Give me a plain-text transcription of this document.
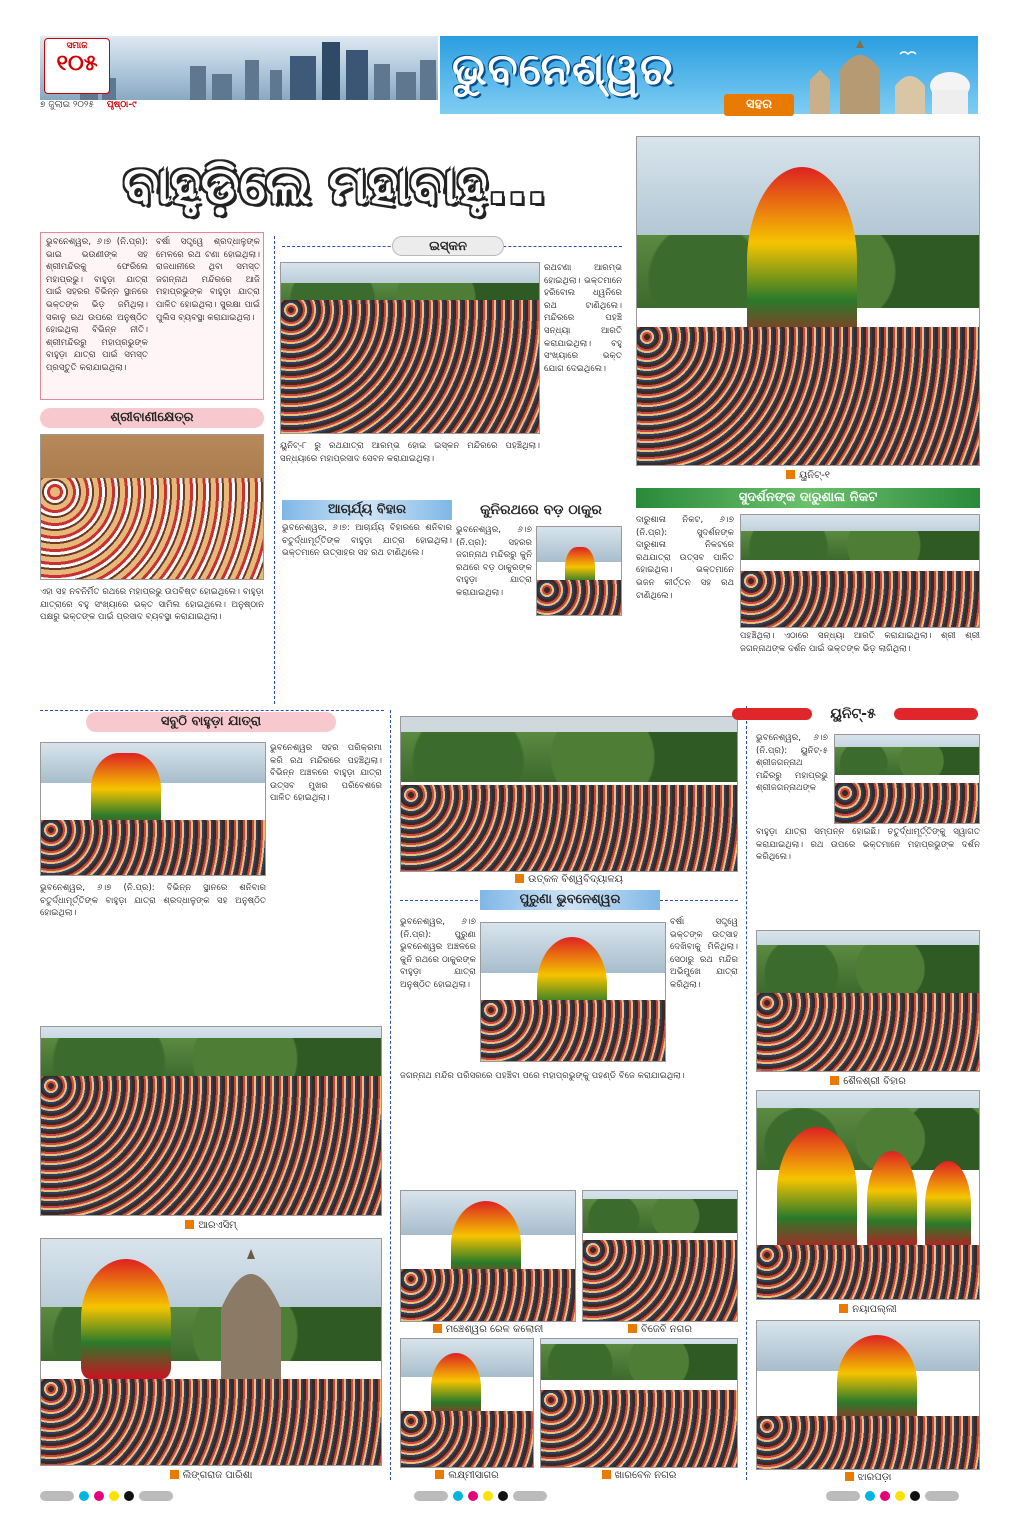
ସମାଜ
୧୦୫
୭ ଜୁଲାଇ ୨୦୨୫ ପୃଷ୍ଠା-୯
ଭୁବନେଶ୍ୱର
ସହର
ବାହୁଡ଼ିଲେ ମହାବାହୁ...
ଭୁବନେଶ୍ୱର, ୬।୭ (ନି.ପ୍ର): ଭାଇ ଭଉଣୀଙ୍କ ସହ ଶ୍ରୀମନ୍ଦିରକୁ ଫେରିଲେ ମହାପ୍ରଭୁ। ବାହୁଡ଼ା ଯାତ୍ରା ପାଇଁ ସହରର ବିଭିନ୍ନ ସ୍ଥାନରେ ଭକ୍ତଙ୍କ ଭିଡ଼ ଜମିଥିଲା। ସକାଳୁ ରଥ ଉପରେ ଅନୁଷ୍ଠିତ ହୋଇଥିଲା ବିଭିନ୍ନ ନୀତି। ଶ୍ରୀମନ୍ଦିରରୁ ମହାପ୍ରଭୁଙ୍କ ବାହୁଡ଼ା ଯାତ୍ରା ପାଇଁ ସମସ୍ତ ପ୍ରସ୍ତୁତି କରାଯାଇଥିଲା।
ବର୍ଷା ସତ୍ତ୍ୱେ ଶ୍ରଦ୍ଧାଳୁଙ୍କ ମେଳରେ ରଥ ଟଣା ହୋଇଥିଲା। ରାଜଧାନୀରେ ଥିବା ସମସ୍ତ ଜଗନ୍ନାଥ ମନ୍ଦିରରେ ଆଜି ମହାପ୍ରଭୁଙ୍କ ବାହୁଡ଼ା ଯାତ୍ରା ପାଳିତ ହୋଇଥିଲା। ସୁରକ୍ଷା ପାଇଁ ପୁଲିସ ବ୍ୟବସ୍ଥା କରାଯାଇଥିଲା।
ଶ୍ରୀବାଣୀକ୍ଷେତ୍ର
ଏହା ସହ ନବନିର୍ମିତ ରଥରେ ମହାପ୍ରଭୁ ଉପବିଷ୍ଟ ହୋଇଥିଲେ। ବାହୁଡ଼ା ଯାତ୍ରାରେ ବହୁ ସଂଖ୍ୟାରେ ଭକ୍ତ ସାମିଲ ହୋଇଥିଲେ। ଅନୁଷ୍ଠାନ ପକ୍ଷରୁ ଭକ୍ତଙ୍କ ପାଇଁ ପ୍ରସାଦ ବ୍ୟବସ୍ଥା କରାଯାଇଥିଲା।
ଇସ୍କନ
ରଥଟଣା ଆରମ୍ଭ ହୋଇଥିଲା। ଭକ୍ତମାନେ ହରିବୋଲ ଧ୍ୱନିରେ ରଥ ଟାଣିଥିଲେ। ମନ୍ଦିରରେ ପହଞ୍ଚି ସନ୍ଧ୍ୟା ଆରତି କରାଯାଇଥିଲା। ବହୁ ସଂଖ୍ୟାରେ ଭକ୍ତ ଯୋଗ ଦେଇଥିଲେ।
ୟୁନିଟ୍-୮ ରୁ ରଥଯାତ୍ରା ଆରମ୍ଭ ହୋଇ ଇସ୍କନ ମନ୍ଦିରରେ ପହଞ୍ଚିଥିଲା। ସନ୍ଧ୍ୟାରେ ମହାପ୍ରସାଦ ସେବନ କରାଯାଇଥିଲା।
ୟୁନିଟ୍-୧
ଆଚାର୍ଯ୍ୟ ବିହାର
ଭୁବନେଶ୍ୱର, ୬।୭: ଆଚାର୍ଯ୍ୟ ବିହାରରେ ଶନିବାର ଚତୁର୍ଦ୍ଧାମୂର୍ତ୍ତିଙ୍କ ବାହୁଡ଼ା ଯାତ୍ରା ହୋଇଥିଲା। ଭକ୍ତମାନେ ଉତ୍ସାହର ସହ ରଥ ଟାଣିଥିଲେ।
କୁନିରଥରେ ବଡ଼ ଠାକୁର
ଭୁବନେଶ୍ୱର, ୬।୭ (ନି.ପ୍ର): ସହରର ଜଗନ୍ନାଥ ମନ୍ଦିରରୁ କୁନି ରଥରେ ବଡ଼ ଠାକୁରଙ୍କ ବାହୁଡ଼ା ଯାତ୍ରା କରାଯାଇଥିଲା।
ସୁଦର୍ଶନଙ୍କ ଦାରୁଶାଳା ନିକଟ
ଦାରୁଶାଳା ନିକଟ, ୬।୭ (ନି.ପ୍ର): ସୁଦର୍ଶନଙ୍କ ଦାରୁଶାଳା ନିକଟରେ ରଥଯାତ୍ରା ଉତ୍ସବ ପାଳିତ ହୋଇଥିଲା। ଭକ୍ତମାନେ ଭଜନ କୀର୍ତ୍ତନ ସହ ରଥ ଟାଣିଥିଲେ।
ପହଞ୍ଚିଥିଲା। ଏଠାରେ ସନ୍ଧ୍ୟା ଆରତି କରାଯାଇଥିଲା। ଶ୍ରୀ ଶ୍ରୀ ଜଗନ୍ନାଥଙ୍କ ଦର୍ଶନ ପାଇଁ ଭକ୍ତଙ୍କ ଭିଡ଼ ଲାଗିଥିଲା।
ସବୁଠି ବାହୁଡ଼ା ଯାତ୍ରା
ଭୁବନେଶ୍ୱର ସହର ପରିକ୍ରମା କରି ରଥ ମନ୍ଦିରରେ ପହଞ୍ଚିଥିଲା। ବିଭିନ୍ନ ଅଞ୍ଚଳରେ ବାହୁଡ଼ା ଯାତ୍ରା ଉତ୍ସବ ମୁଖର ପରିବେଶରେ ପାଳିତ ହୋଇଥିଲା।
ଭୁବନେଶ୍ୱର, ୬।୭ (ନି.ପ୍ର): ବିଭିନ୍ନ ସ୍ଥାନରେ ଶନିବାର ଚତୁର୍ଦ୍ଧାମୂର୍ତ୍ତିଙ୍କ ବାହୁଡ଼ା ଯାତ୍ରା ଶ୍ରଦ୍ଧାଳୁଙ୍କ ସହ ଅନୁଷ୍ଠିତ ହୋଇଥିଲା।
ଉତ୍କଳ ବିଶ୍ୱବିଦ୍ୟାଳୟ
ପୁରୁଣା ଭୁବନେଶ୍ୱର
ଭୁବନେଶ୍ୱର, ୬।୭ (ନି.ପ୍ର): ପୁରୁଣା ଭୁବନେଶ୍ୱର ଅଞ୍ଚଳରେ କୁନି ରଥରେ ଠାକୁରଙ୍କ ବାହୁଡ଼ା ଯାତ୍ରା ଅନୁଷ୍ଠିତ ହୋଇଥିଲା।
ବର୍ଷା ସତ୍ତ୍ୱେ ଭକ୍ତଙ୍କ ଉତ୍ସାହ ଦେଖିବାକୁ ମିଳିଥିଲା। ସେଠାରୁ ରଥ ମନ୍ଦିର ଅଭିମୁଖେ ଯାତ୍ରା କରିଥିଲା।
ଜଗନ୍ନାଥ ମନ୍ଦିର ପରିସରରେ ପହଞ୍ଚିବା ପରେ ମହାପ୍ରଭୁଙ୍କୁ ପହଣ୍ଡି ବିଜେ କରାଯାଇଥିଲା।
ୟୁନିଟ୍-୫
ଭୁବନେଶ୍ୱର, ୬।୭ (ନି.ପ୍ର): ୟୁନିଟ୍-୫ ଶ୍ରୀଜଗନ୍ନାଥ ମନ୍ଦିରରୁ ମହାପ୍ରଭୁ ଶ୍ରୀଜଗନ୍ନାଥଙ୍କ
ବାହୁଡ଼ା ଯାତ୍ରା ସମ୍ପନ୍ନ ହୋଇଛି। ଚତୁର୍ଦ୍ଧାମୂର୍ତ୍ତିଙ୍କୁ ସ୍ୱାଗତ କରାଯାଇଥିଲା। ରଥ ଉପରେ ଭକ୍ତମାନେ ମହାପ୍ରଭୁଙ୍କ ଦର୍ଶନ କରିଥିଲେ।
ଶୈଳଶ୍ରୀ ବିହାର
ନୟାପଲ୍ଲୀ
ଝାରପଡ଼ା
ଆରଏସିମ୍
ଲିଙ୍ଗରାଜ ପାରିଶା
ମଞ୍ଚେଶ୍ୱର ରେଳ କଲୋନୀ	ବିଜେବି ନଗର
ଲକ୍ଷ୍ମୀସାଗର	ଖାରବେଳ ନଗର
